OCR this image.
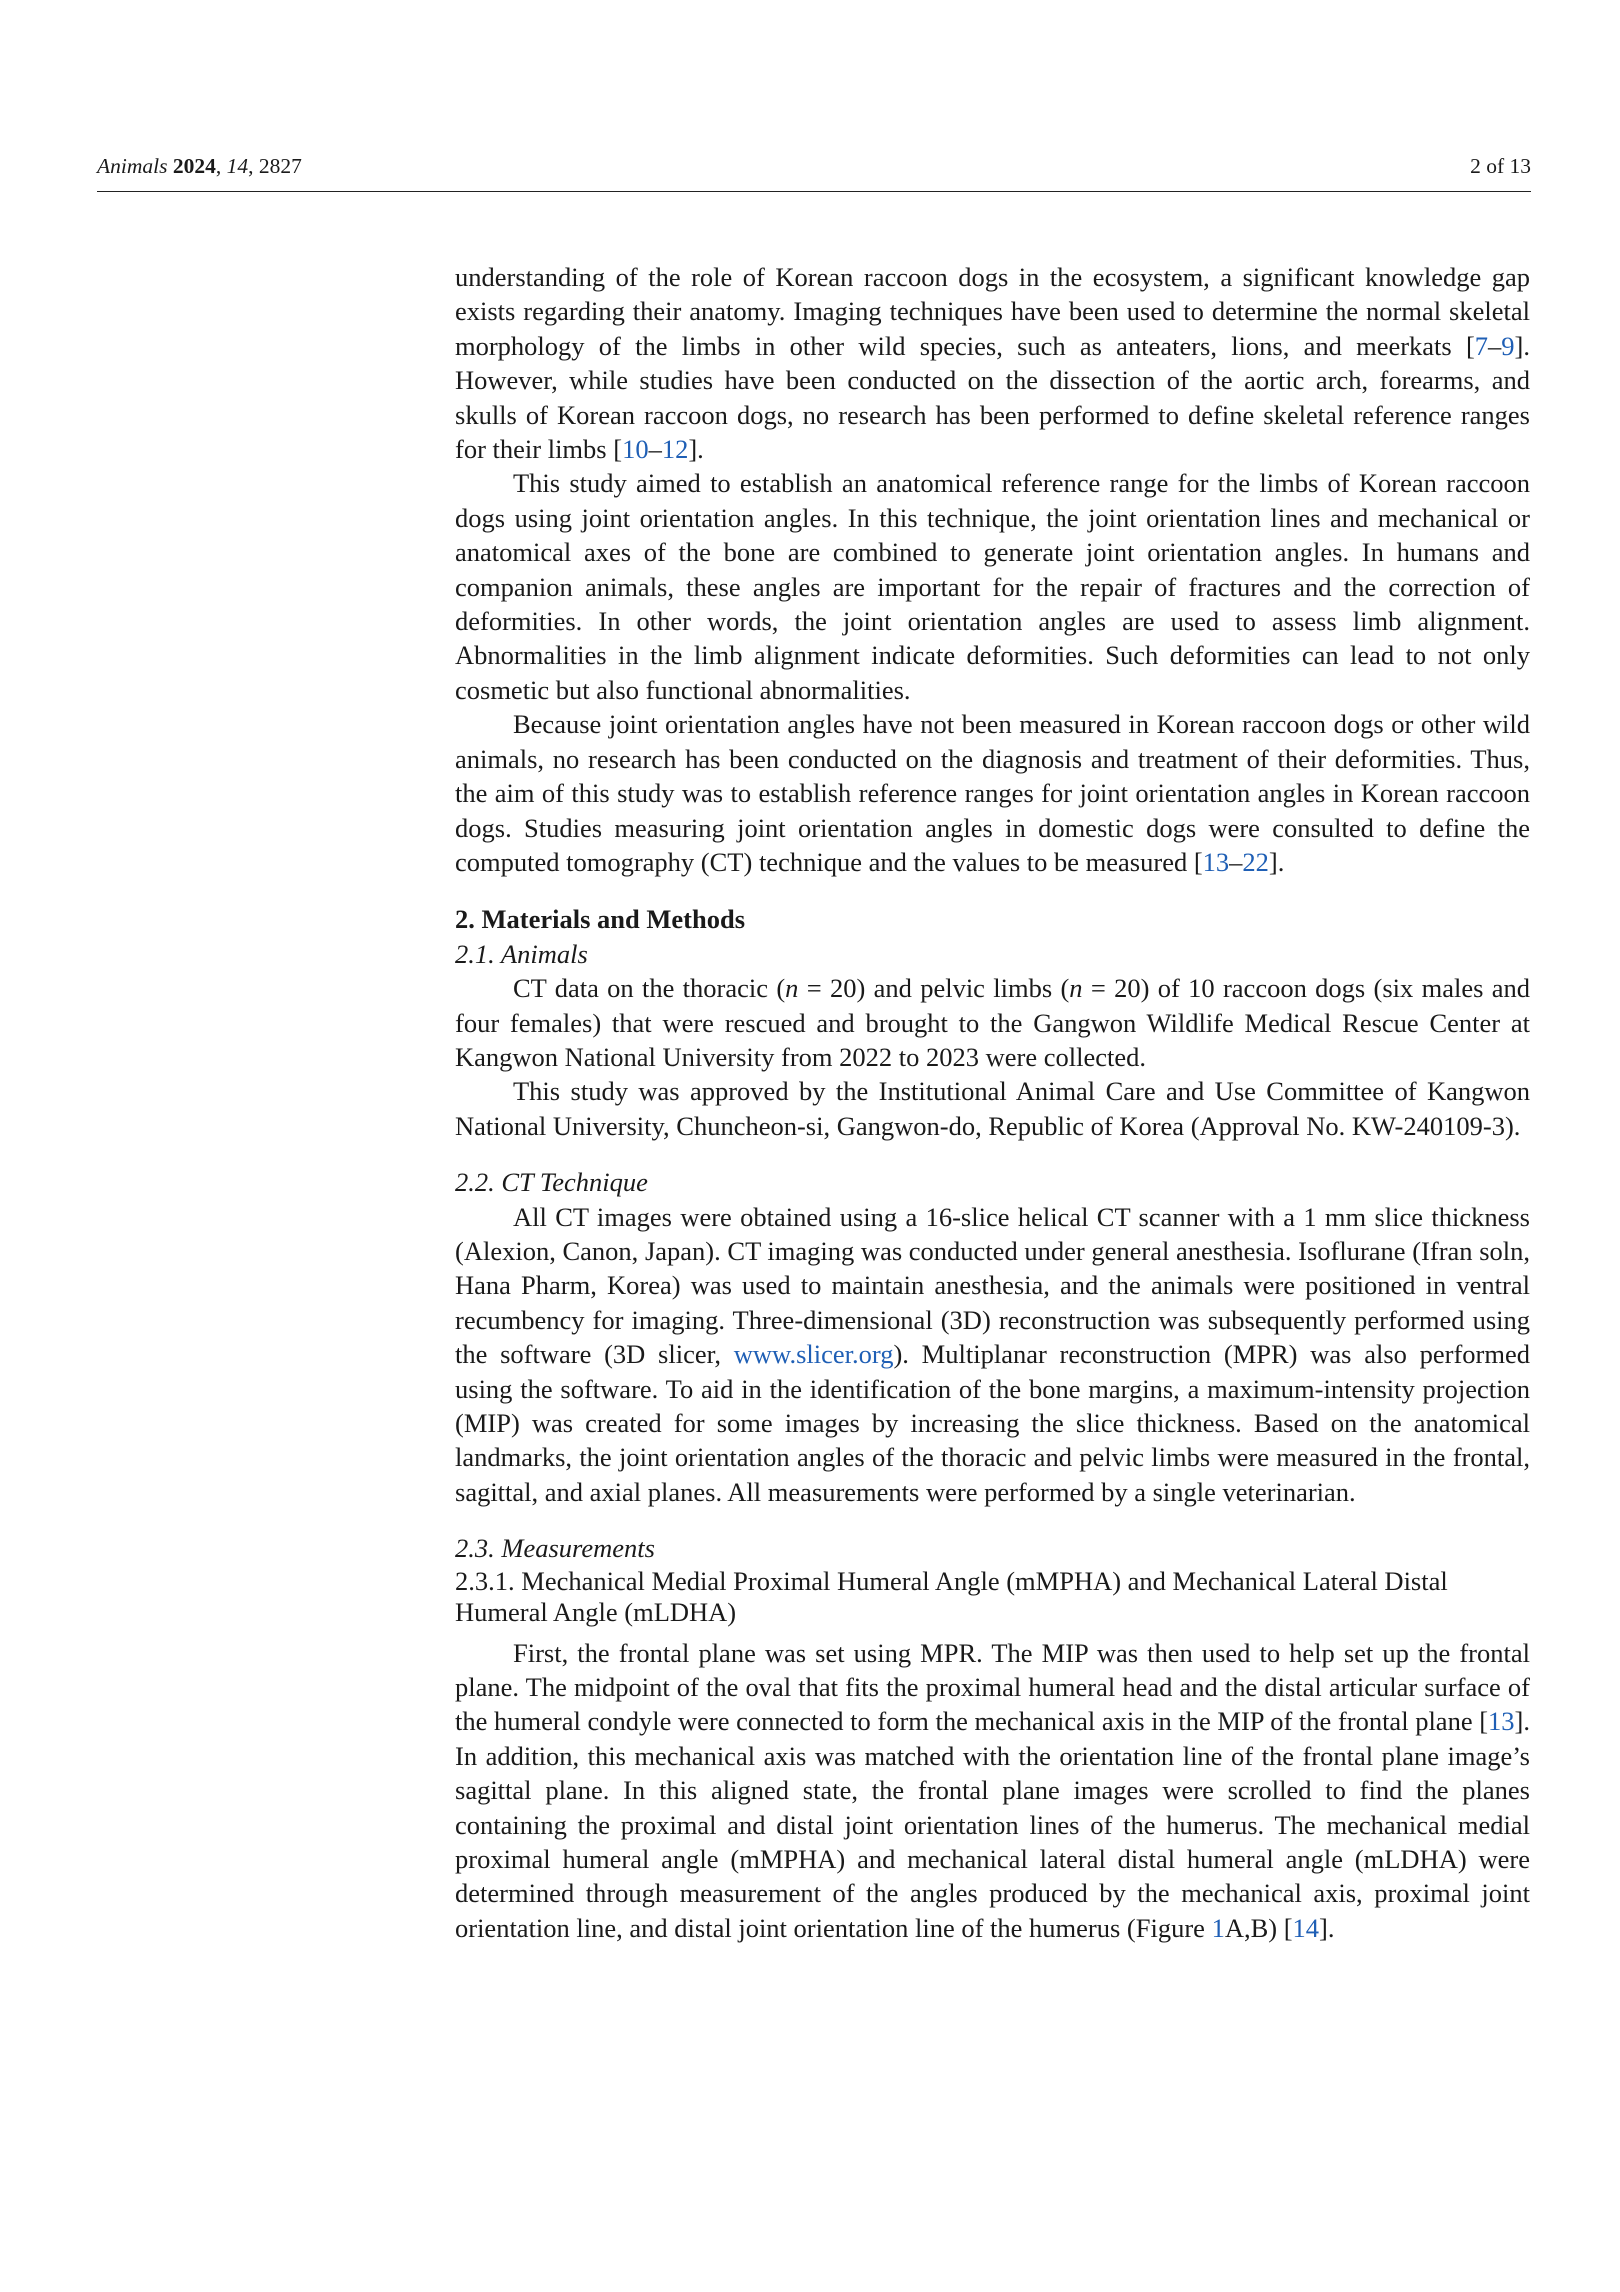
Animals 2024, 14, 2827	2 of 13

understanding of the role of Korean raccoon dogs in the ecosystem, a significant knowledge gap exists regarding their anatomy. Imaging techniques have been used to determine the normal skeletal morphology of the limbs in other wild species, such as anteaters, lions, and meerkats [7–9]. However, while studies have been conducted on the dissection of the aortic arch, forearms, and skulls of Korean raccoon dogs, no research has been performed to define skeletal reference ranges for their limbs [10–12].

This study aimed to establish an anatomical reference range for the limbs of Korean raccoon dogs using joint orientation angles. In this technique, the joint orientation lines and mechanical or anatomical axes of the bone are combined to generate joint orientation angles. In humans and companion animals, these angles are important for the repair of fractures and the correction of deformities. In other words, the joint orientation angles are used to assess limb alignment. Abnormalities in the limb alignment indicate deformities. Such deformities can lead to not only cosmetic but also functional abnormalities.

Because joint orientation angles have not been measured in Korean raccoon dogs or other wild animals, no research has been conducted on the diagnosis and treatment of their deformities. Thus, the aim of this study was to establish reference ranges for joint orientation angles in Korean raccoon dogs. Studies measuring joint orientation angles in domestic dogs were consulted to define the computed tomography (CT) technique and the values to be measured [13–22].

2. Materials and Methods
2.1. Animals

CT data on the thoracic (n = 20) and pelvic limbs (n = 20) of 10 raccoon dogs (six males and four females) that were rescued and brought to the Gangwon Wildlife Medical Rescue Center at Kangwon National University from 2022 to 2023 were collected.

This study was approved by the Institutional Animal Care and Use Committee of Kangwon National University, Chuncheon-si, Gangwon-do, Republic of Korea (Approval No. KW-240109-3).

2.2. CT Technique

All CT images were obtained using a 16-slice helical CT scanner with a 1 mm slice thickness (Alexion, Canon, Japan). CT imaging was conducted under general anesthesia. Isoflurane (Ifran soln, Hana Pharm, Korea) was used to maintain anesthesia, and the animals were positioned in ventral recumbency for imaging. Three-dimensional (3D) reconstruction was subsequently performed using the software (3D slicer, www.slicer.org). Multiplanar reconstruction (MPR) was also performed using the software. To aid in the identification of the bone margins, a maximum-intensity projection (MIP) was created for some images by increasing the slice thickness. Based on the anatomical landmarks, the joint orientation angles of the thoracic and pelvic limbs were measured in the frontal, sagittal, and axial planes. All measurements were performed by a single veterinarian.

2.3. Measurements
2.3.1. Mechanical Medial Proximal Humeral Angle (mMPHA) and Mechanical Lateral Distal Humeral Angle (mLDHA)

First, the frontal plane was set using MPR. The MIP was then used to help set up the frontal plane. The midpoint of the oval that fits the proximal humeral head and the distal articular surface of the humeral condyle were connected to form the mechanical axis in the MIP of the frontal plane [13]. In addition, this mechanical axis was matched with the orientation line of the frontal plane image’s sagittal plane. In this aligned state, the frontal plane images were scrolled to find the planes containing the proximal and distal joint orientation lines of the humerus. The mechanical medial proximal humeral angle (mMPHA) and mechanical lateral distal humeral angle (mLDHA) were determined through measurement of the angles produced by the mechanical axis, proximal joint orientation line, and distal joint orientation line of the humerus (Figure 1A,B) [14].
